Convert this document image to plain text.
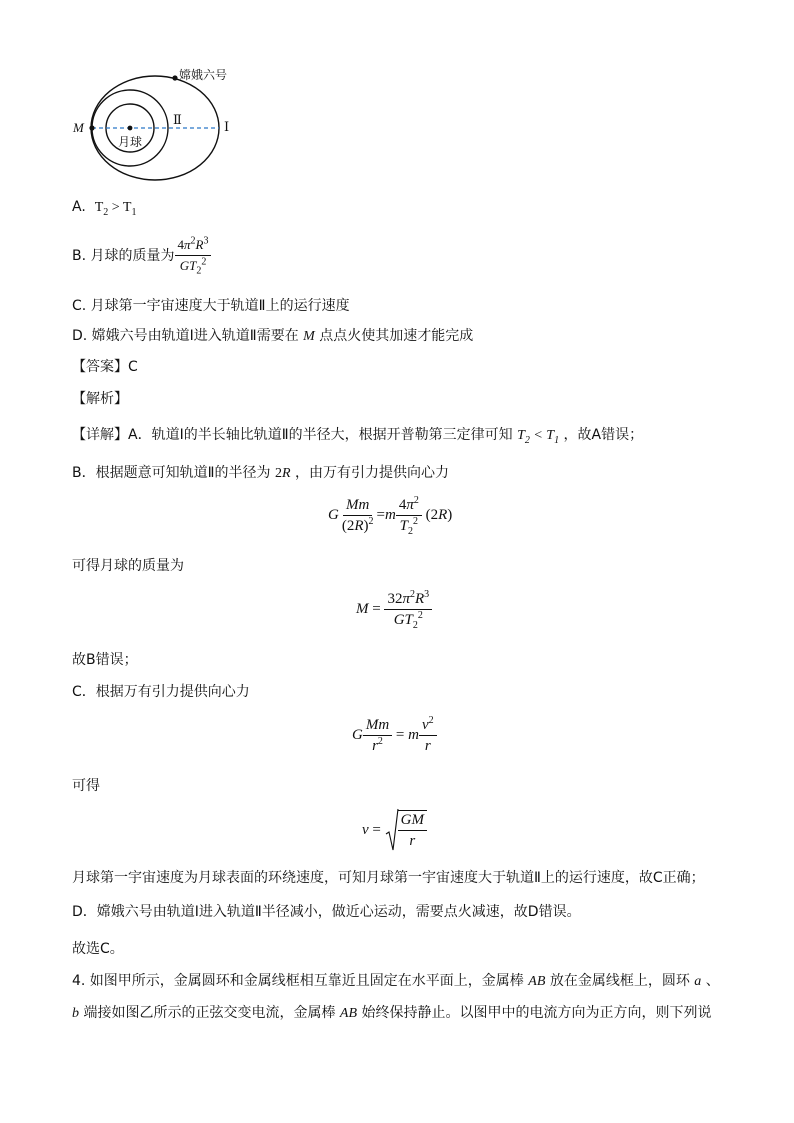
嫦娥六号
M
月球
Ⅱ	Ⅰ
A. $T_2 > T_1$
B. 月球的质量为 $\frac{4\pi^2R^3}{GT_2^2}$
C. 月球第一宇宙速度大于轨道Ⅱ上的运行速度
D. 嫦娥六号由轨道Ⅰ进入轨道Ⅱ需要在 M 点点火使其加速才能完成
【答案】C
【解析】
【详解】A．轨道Ⅰ的半长轴比轨道Ⅱ的半径大，根据开普勒第三定律可知 $T_2 < T_1$ ，故A错误；
B．根据题意可知轨道Ⅱ的半径为 2R ，由万有引力提供向心力
G $\frac{Mm}{(2R)^2} =m \frac{4\pi^2}{T_2^2} (2R)$
可得月球的质量为
$M = \frac{32\pi^2R^3}{GT_2^2}$
故B错误；
C．根据万有引力提供向心力
G $\frac{Mm}{r^2} = m \frac{v^2}{r}$
可得
$v = \frac{GM}{r}$
月球第一宇宙速度为月球表面的环绕速度，可知月球第一宇宙速度大于轨道Ⅱ上的运行速度，故C正确；
D．嫦娥六号由轨道Ⅰ进入轨道Ⅱ半径减小，做近心运动，需要点火减速，故D错误。
故选C。
4. 如图甲所示，金属圆环和金属线框相互靠近且固定在水平面上，金属棒 AB 放在金属线框上，圆环 a 、
b 端接如图乙所示的正弦交变电流，金属棒 AB 始终保持静止。以图甲中的电流方向为正方向，则下列说
